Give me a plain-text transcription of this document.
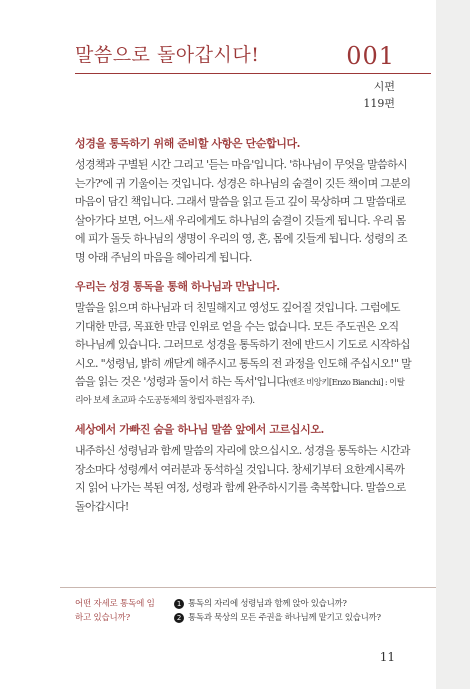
말씀으로 돌아갑시다!	001
시편
119편
성경을 통독하기 위해 준비할 사항은 단순합니다.
성경책과 구별된 시간 그리고 '듣는 마음'입니다. '하나님이 무엇을 말씀하시
는가?'에 귀 기울이는 것입니다. 성경은 하나님의 숨결이 깃든 책이며 그분의
마음이 담긴 책입니다. 그래서 말씀을 읽고 듣고 깊이 묵상하며 그 말씀대로
살아가다 보면, 어느새 우리에게도 하나님의 숨결이 깃들게 됩니다. 우리 몸
에 피가 돌듯 하나님의 생명이 우리의 영, 혼, 몸에 깃들게 됩니다. 성령의 조
명 아래 주님의 마음을 헤아리게 됩니다.
우리는 성경 통독을 통해 하나님과 만납니다.
말씀을 읽으며 하나님과 더 친밀해지고 영성도 깊어질 것입니다. 그럼에도
기대한 만큼, 목표한 만큼 인위로 얻을 수는 없습니다. 모든 주도권은 오직
하나님께 있습니다. 그러므로 성경을 통독하기 전에 반드시 기도로 시작하십
시오. "성령님, 밝히 깨닫게 해주시고 통독의 전 과정을 인도해 주십시오!" 말
씀을 읽는 것은 '성령과 둘이서 하는 독서'입니다(엔조 비앙키[Enzo Bianchi] : 이탈
리아 보세 초교파 수도공동체의 창립자-편집자 주).
세상에서 가빠진 숨을 하나님 말씀 앞에서 고르십시오.
내주하신 성령님과 함께 말씀의 자리에 앉으십시오. 성경을 통독하는 시간과
장소마다 성령께서 여러분과 동석하실 것입니다. 창세기부터 요한계시록까
지 읽어 나가는 복된 여정, 성령과 함께 완주하시기를 축복합니다. 말씀으로
돌아갑시다!
어떤 자세로 통독에 임하고 있습니까?
1 통독의 자리에 성령님과 함께 앉아 있습니까?
2 통독과 묵상의 모든 주권을 하나님께 맡기고 있습니까?
11
